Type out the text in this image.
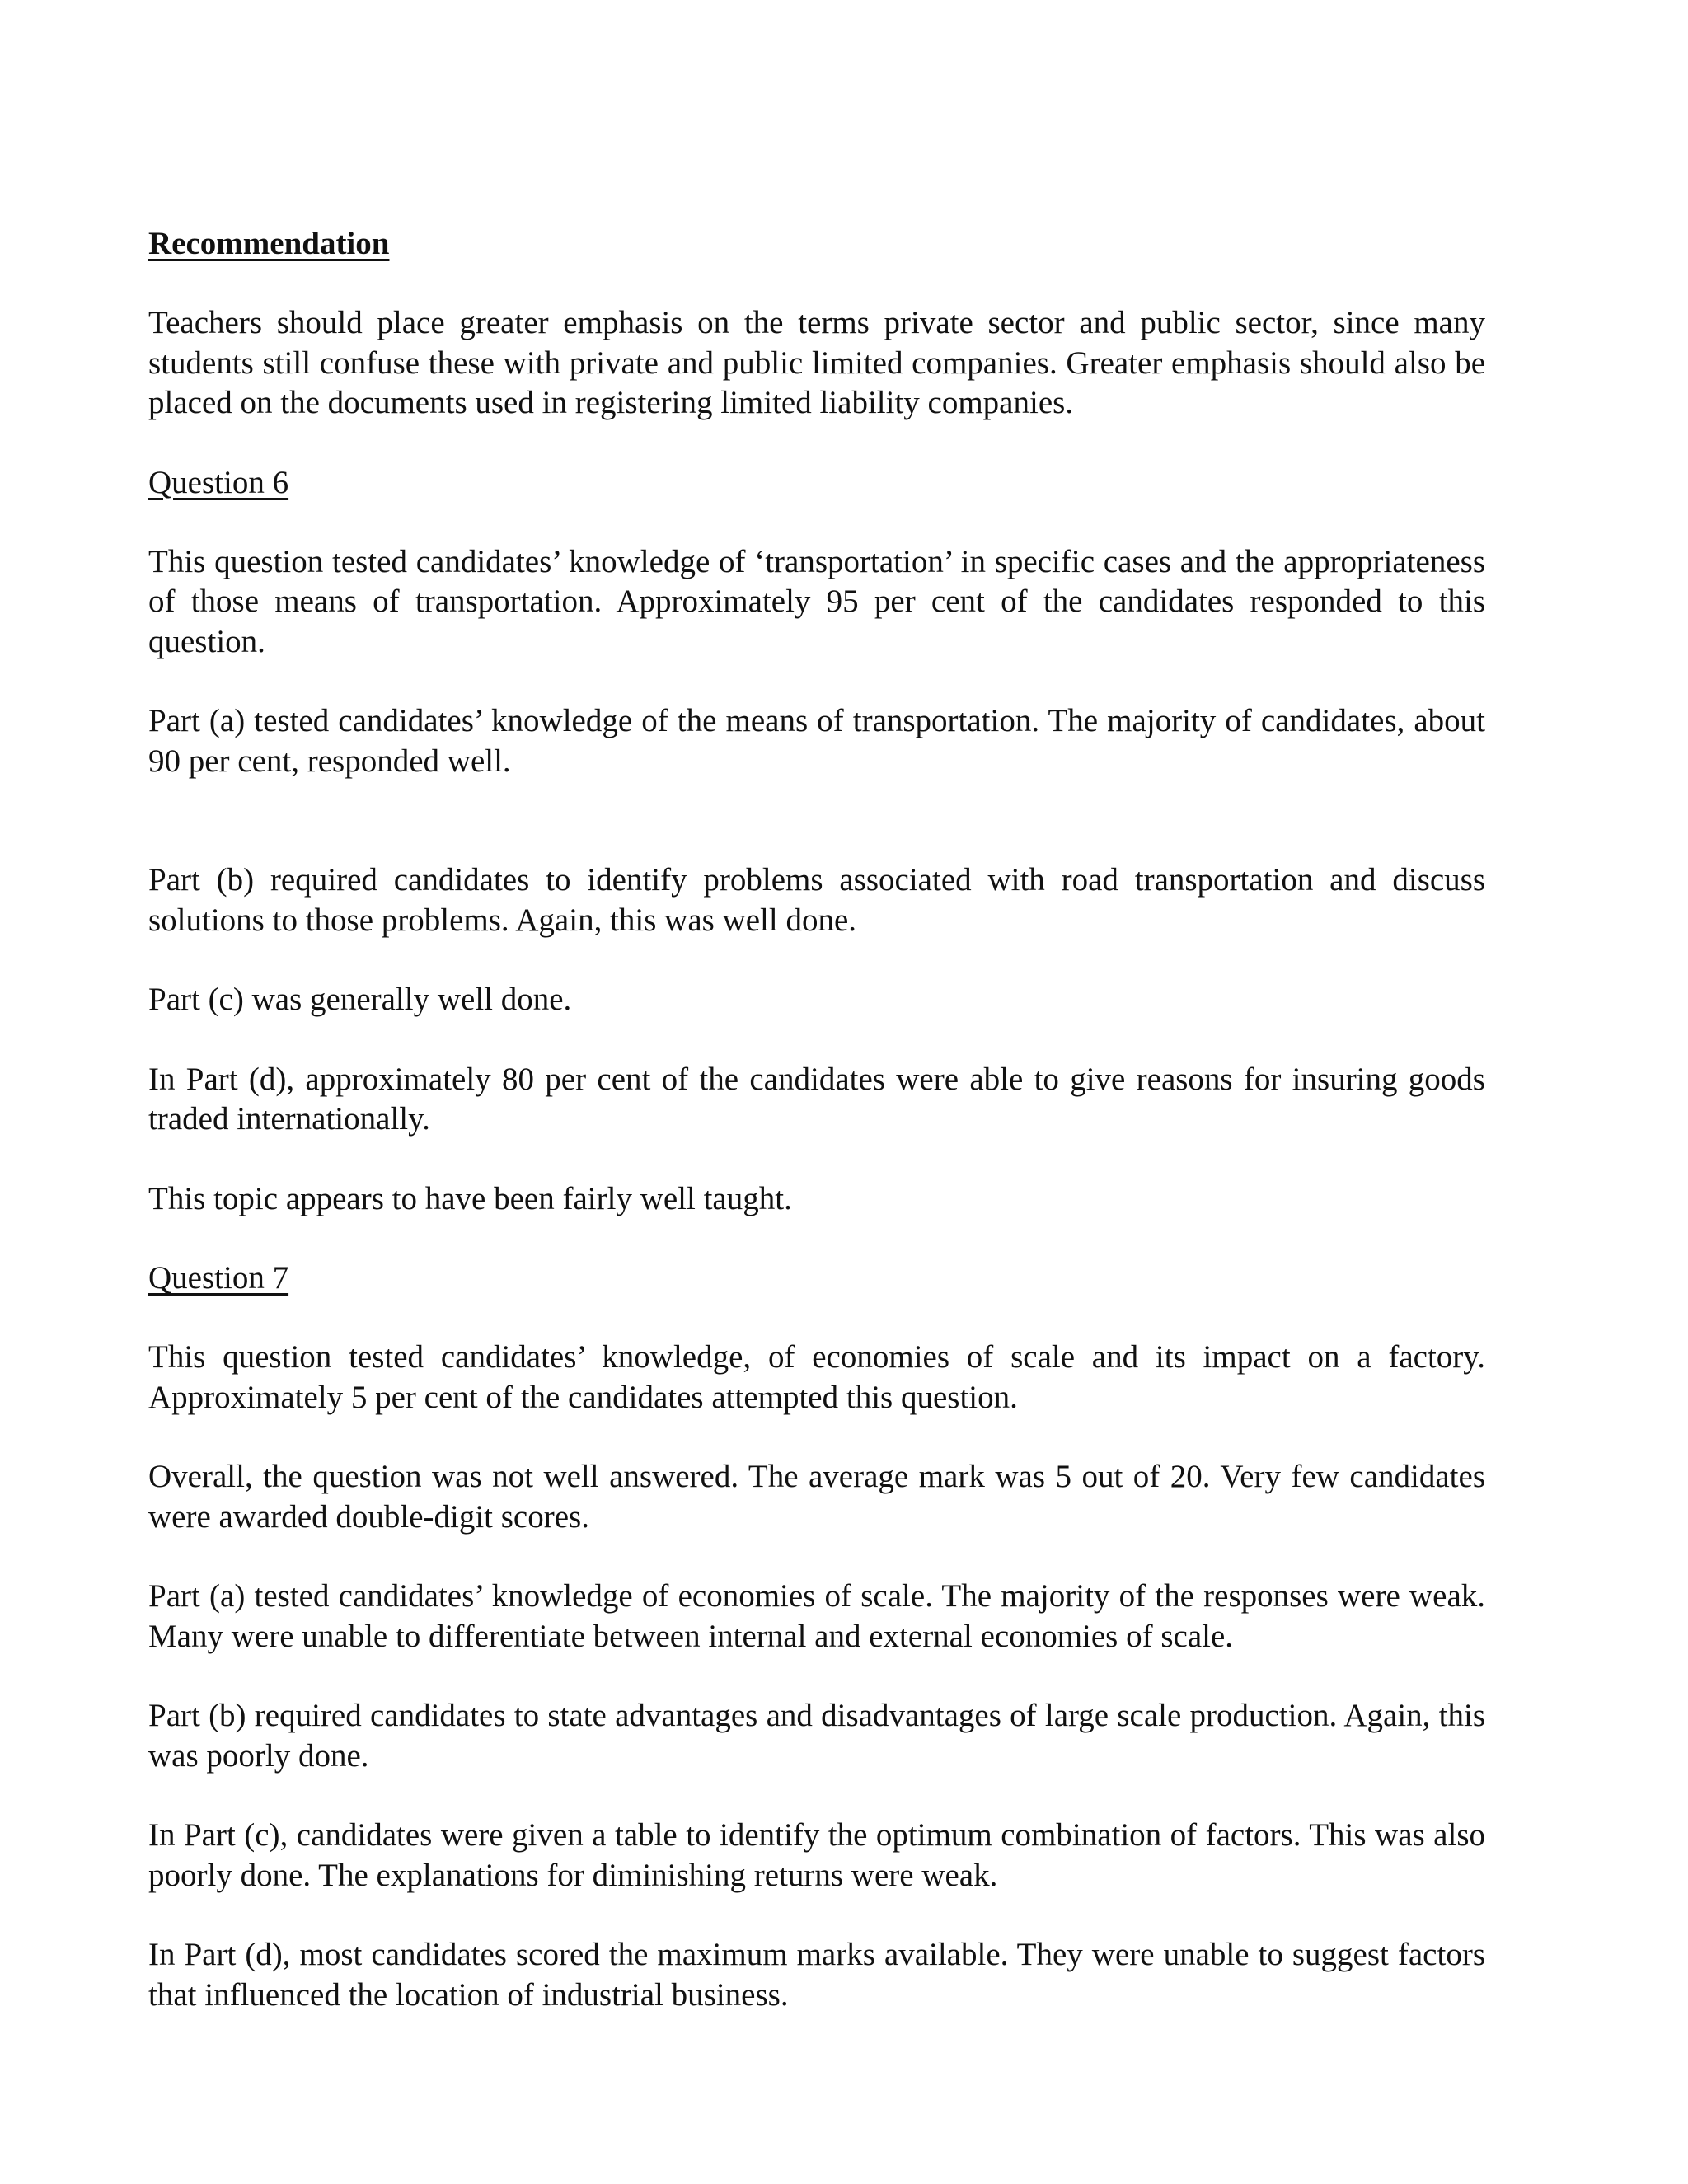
Recommendation

Teachers should place greater emphasis on the terms private sector and public sector, since many students still confuse these with private and public limited companies. Greater emphasis should also be placed on the documents used in registering limited liability companies.

Question 6

This question tested candidates’ knowledge of ‘transportation’ in specific cases and the appropriateness of those means of transportation. Approximately 95 per cent of the candidates responded to this question.

Part (a) tested candidates’ knowledge of the means of transportation. The majority of candidates, about 90 per cent, responded well.

Part (b) required candidates to identify problems associated with road transportation and discuss solutions to those problems. Again, this was well done.

Part (c) was generally well done.

In Part (d), approximately 80 per cent of the candidates were able to give reasons for insuring goods traded internationally.

This topic appears to have been fairly well taught.

Question 7

This question tested candidates’ knowledge, of economies of scale and its impact on a factory. Approximately 5 per cent of the candidates attempted this question.

Overall, the question was not well answered. The average mark was 5 out of 20. Very few candidates were awarded double-digit scores.

Part (a) tested candidates’ knowledge of economies of scale. The majority of the responses were weak. Many were unable to differentiate between internal and external economies of scale.

Part (b) required candidates to state advantages and disadvantages of large scale production. Again, this was poorly done.

In Part (c), candidates were given a table to identify the optimum combination of factors. This was also poorly done. The explanations for diminishing returns were weak.

In Part (d), most candidates scored the maximum marks available. They were unable to suggest factors that influenced the location of industrial business.
